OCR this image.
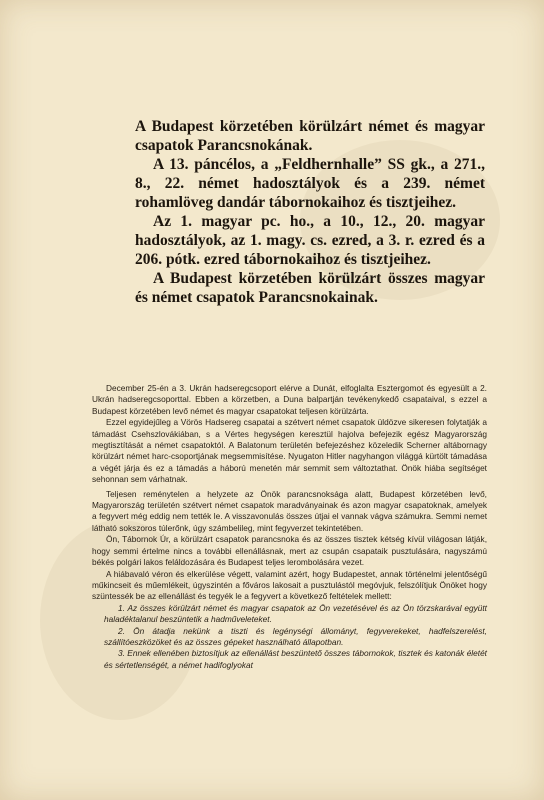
A Budapest körzetében körülzárt német és magyar csapatok Parancsnokának.

A 13. páncélos, a „Feldhernhalle” SS gk., a 271., 8., 22. német hadosztályok és a 239. német rohamlöveg dandár tábornokaihoz és tisztjeihez.

Az 1. magyar pc. ho., a 10., 12., 20. magyar hadosztályok, az 1. magy. cs. ezred, a 3. r. ezred és a 206. pótk. ezred tábornokaihoz és tisztjeihez.

A Budapest körzetében körülzárt összes magyar és német csapatok Parancsnokainak.

December 25-én a 3. Ukrán hadseregcsoport elérve a Dunát, elfoglalta Esztergomot és egyesült a 2. Ukrán hadseregcsoporttal. Ebben a körzetben, a Duna balpartján tevékenykedő csapataival, s ezzel a Budapest körzetében levő német és magyar csapatokat teljesen körülzárta.

Ezzel egyidejűleg a Vörös Hadsereg csapatai a szétvert német csapatok üldözve sikeresen folytatják a támadást Csehszlovákiában, s a Vértes hegységen keresztül hajolva befejezik egész Magyarország megtisztítását a német csapatoktól. A Balatonum területén befejezéshez közeledik Scherner altábornagy körülzárt német harc-csoportjának megsemmisítése. Nyugaton Hitler nagyhangon világgá kürtölt támadása a végét járja és ez a támadás a háború menetén már semmit sem változtathat. Önök hiába segítséget sehonnan sem várhatnak.

Teljesen reménytelen a helyzete az Önök parancsnoksága alatt, Budapest körzetében levő, Magyarország területén szétvert német csapatok maradványainak és azon magyar csapatoknak, amelyek a fegyvert még eddig nem tették le. A visszavonulás összes útjai el vannak vágva számukra. Semmi nemet látható sokszoros túlerőnk, úgy számbelileg, mint fegyverzet tekintetében.

Ön, Tábornok Úr, a körülzárt csapatok parancsnoka és az összes tisztek kétség kívül világosan látják, hogy semmi értelme nincs a további ellenállásnak, mert az csupán csapataik pusztulására, nagyszámú békés polgári lakos feláldozására és Budapest teljes lerombolására vezet.

A hiábavaló véron és elkerülése végett, valamint azért, hogy Budapestet, annak történelmi jelentőségű műkincseit és műemlékeit, úgyszintén a főváros lakosait a pusztulástól megóvjuk, felszólítjuk Önöket hogy szüntessék be az ellenállást és tegyék le a fegyvert a következő feltételek mellett:

1. Az összes körülzárt német és magyar csapatok az Ön vezetésével és az Ön törzskarával együtt haladéktalanul beszüntetik a hadműveleteket.

2. Ön átadja nekünk a tiszti és legénységi állományt, fegyverekeket, hadfelszerelést, szállítóeszközöket és az összes gépeket használható állapotban.

3. Ennek ellenében biztosítjuk az ellenállást beszüntető összes tábornokok, tisztek és katonák életét és sértetlenségét, a német hadifoglyokat
